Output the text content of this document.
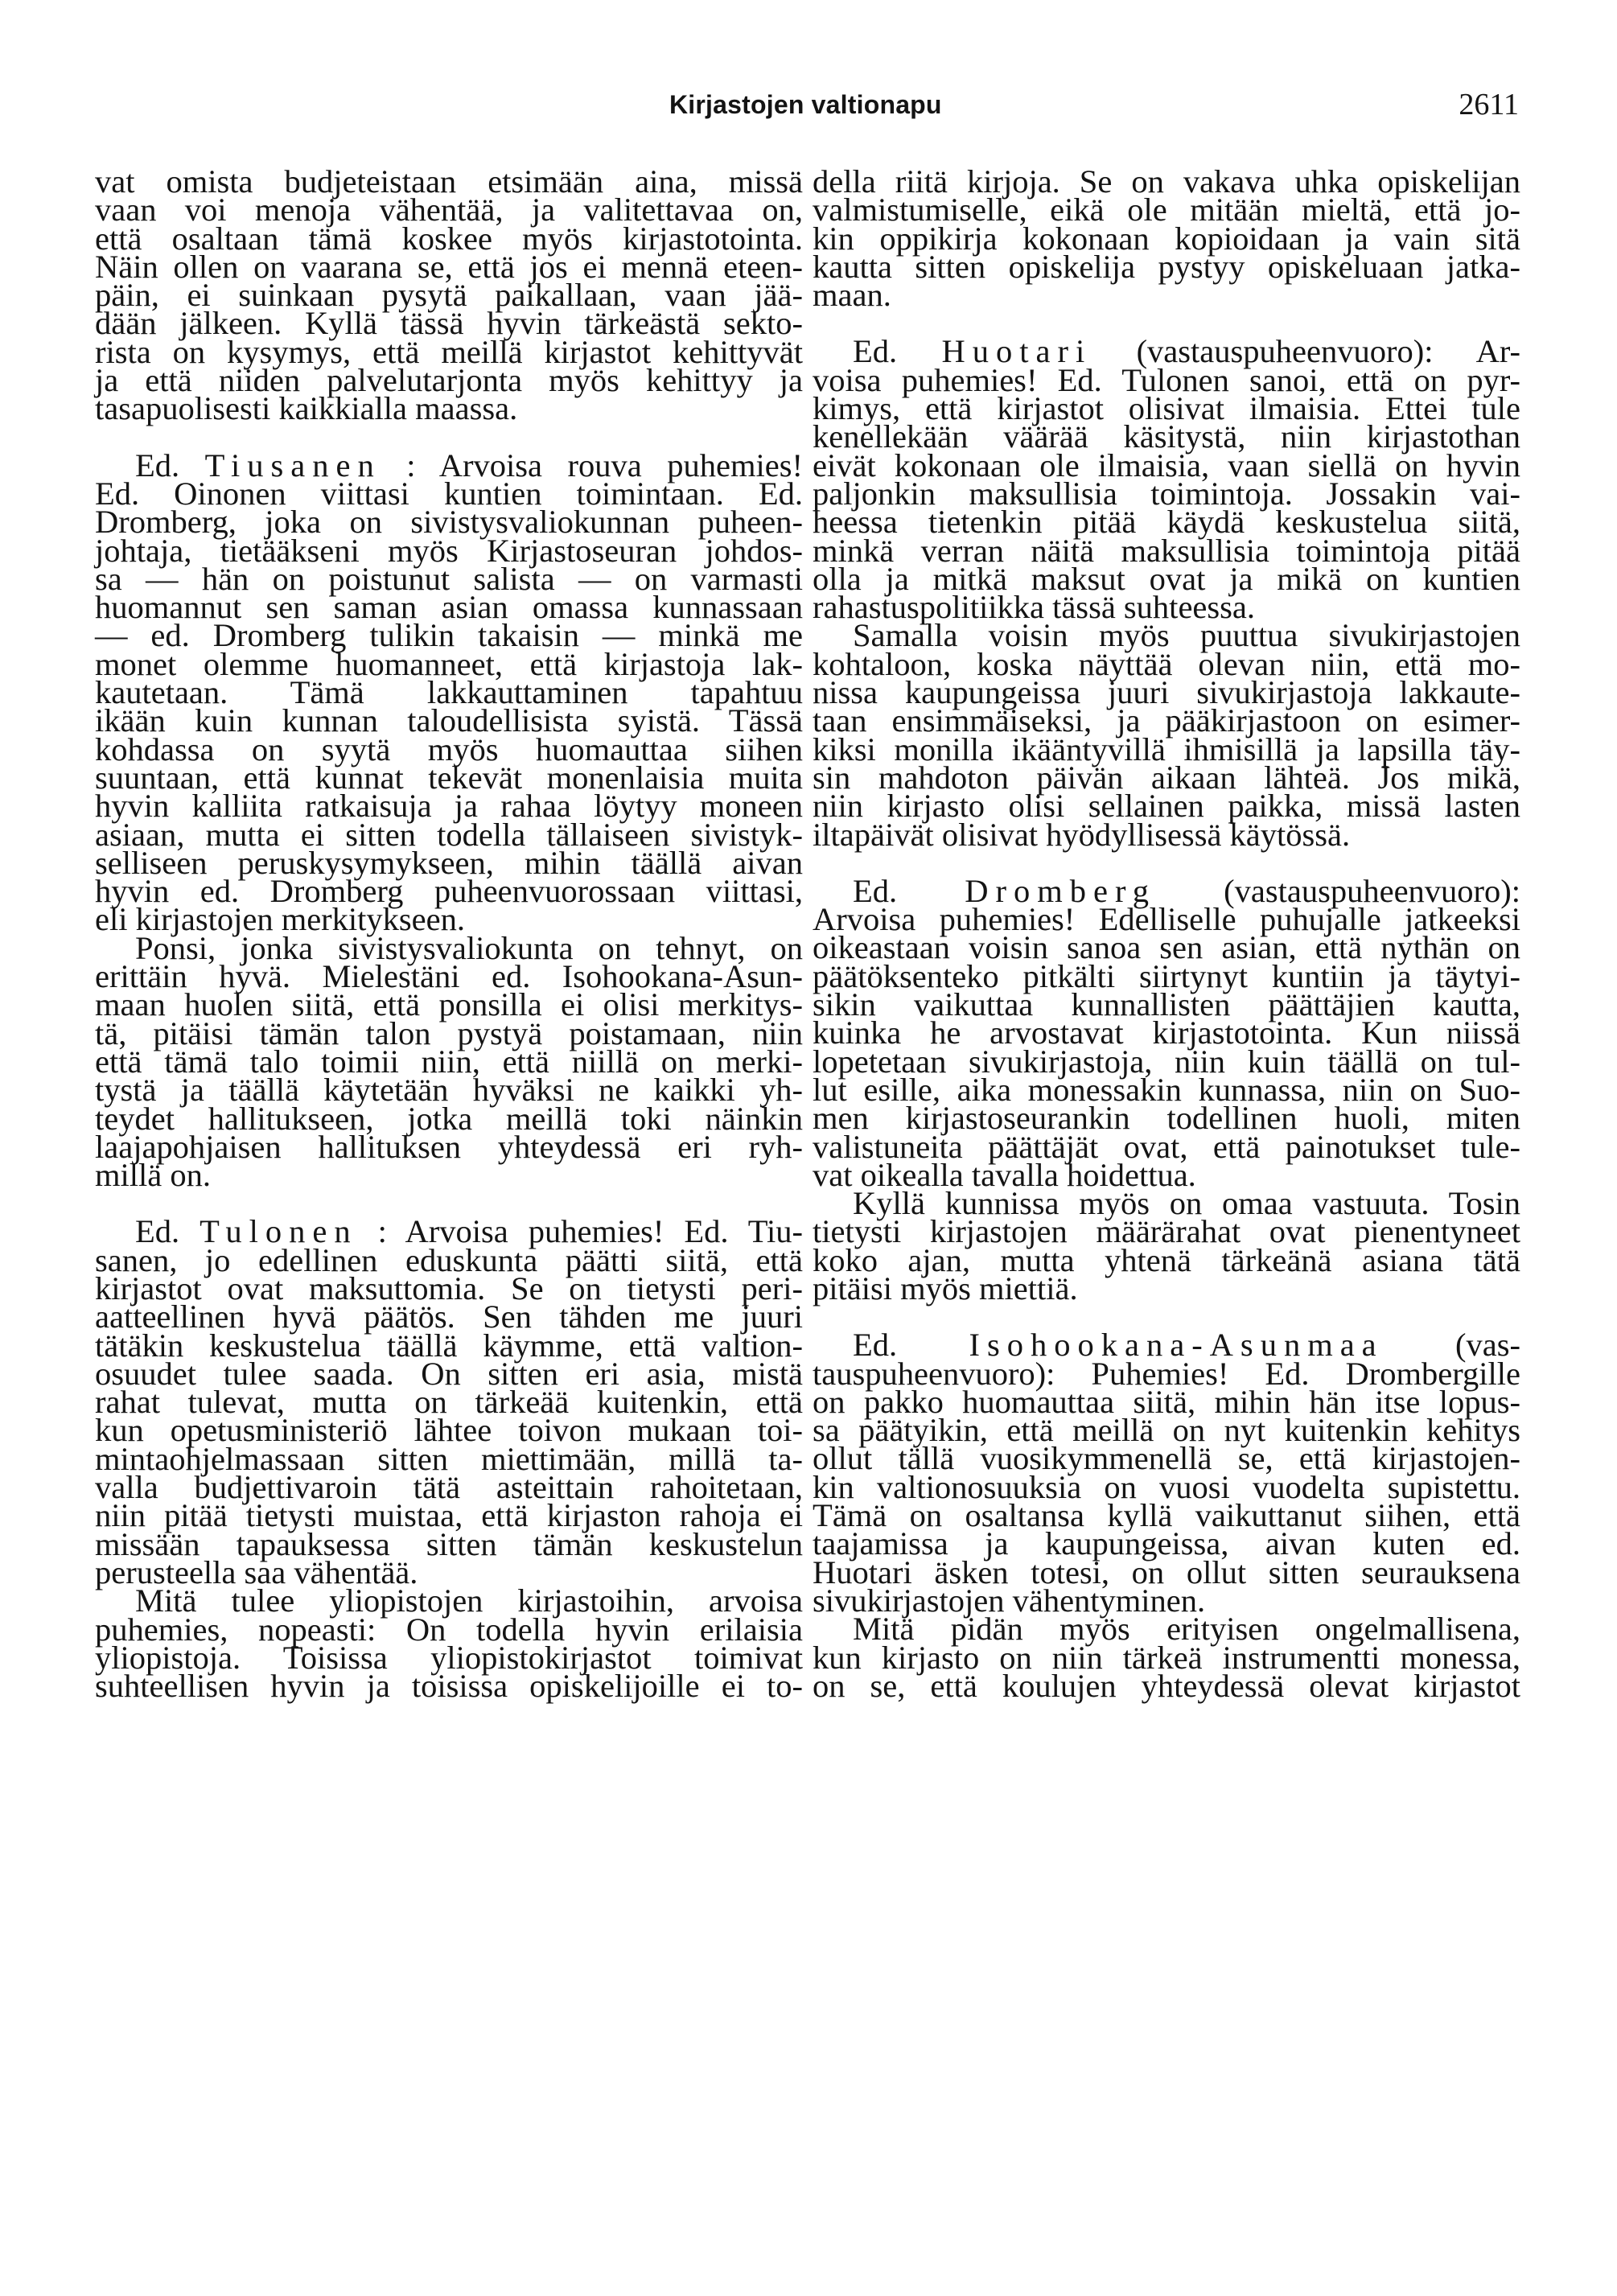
Kirjastojen valtionapu	2611

vat omista budjeteistaan etsimään aina, missä
vaan voi menoja vähentää, ja valitettavaa on,
että osaltaan tämä koskee myös kirjastotointa.
Näin ollen on vaarana se, että jos ei mennä eteen-
päin, ei suinkaan pysytä paikallaan, vaan jää-
dään jälkeen. Kyllä tässä hyvin tärkeästä sekto-
rista on kysymys, että meillä kirjastot kehittyvät
ja että niiden palvelutarjonta myös kehittyy ja
tasapuolisesti kaikkialla maassa.

Ed. Tiusanen : Arvoisa rouva puhemies!
Ed. Oinonen viittasi kuntien toimintaan. Ed.
Dromberg, joka on sivistysvaliokunnan puheen-
johtaja, tietääkseni myös Kirjastoseuran johdos-
sa — hän on poistunut salista — on varmasti
huomannut sen saman asian omassa kunnassaan
— ed. Dromberg tulikin takaisin — minkä me
monet olemme huomanneet, että kirjastoja lak-
kautetaan. Tämä lakkauttaminen tapahtuu
ikään kuin kunnan taloudellisista syistä. Tässä
kohdassa on syytä myös huomauttaa siihen
suuntaan, että kunnat tekevät monenlaisia muita
hyvin kalliita ratkaisuja ja rahaa löytyy moneen
asiaan, mutta ei sitten todella tällaiseen sivistyk-
selliseen peruskysymykseen, mihin täällä aivan
hyvin ed. Dromberg puheenvuorossaan viittasi,
eli kirjastojen merkitykseen.

Ponsi, jonka sivistysvaliokunta on tehnyt, on
erittäin hyvä. Mielestäni ed. Isohookana-Asun-
maan huolen siitä, että ponsilla ei olisi merkitys-
tä, pitäisi tämän talon pystyä poistamaan, niin
että tämä talo toimii niin, että niillä on merki-
tystä ja täällä käytetään hyväksi ne kaikki yh-
teydet hallitukseen, jotka meillä toki näinkin
laajapohjaisen hallituksen yhteydessä eri ryh-
millä on.

Ed. Tulonen : Arvoisa puhemies! Ed. Tiu-
sanen, jo edellinen eduskunta päätti siitä, että
kirjastot ovat maksuttomia. Se on tietysti peri-
aatteellinen hyvä päätös. Sen tähden me juuri
tätäkin keskustelua täällä käymme, että valtion-
osuudet tulee saada. On sitten eri asia, mistä
rahat tulevat, mutta on tärkeää kuitenkin, että
kun opetusministeriö lähtee toivon mukaan toi-
mintaohjelmassaan sitten miettimään, millä ta-
valla budjettivaroin tätä asteittain rahoitetaan,
niin pitää tietysti muistaa, että kirjaston rahoja ei
missään tapauksessa sitten tämän keskustelun
perusteella saa vähentää.

Mitä tulee yliopistojen kirjastoihin, arvoisa
puhemies, nopeasti: On todella hyvin erilaisia
yliopistoja. Toisissa yliopistokirjastot toimivat
suhteellisen hyvin ja toisissa opiskelijoille ei to-

della riitä kirjoja. Se on vakava uhka opiskelijan
valmistumiselle, eikä ole mitään mieltä, että jo-
kin oppikirja kokonaan kopioidaan ja vain sitä
kautta sitten opiskelija pystyy opiskeluaan jatka-
maan.

Ed. Huotari (vastauspuheenvuoro): Ar-
voisa puhemies! Ed. Tulonen sanoi, että on pyr-
kimys, että kirjastot olisivat ilmaisia. Ettei tule
kenellekään väärää käsitystä, niin kirjastothan
eivät kokonaan ole ilmaisia, vaan siellä on hyvin
paljonkin maksullisia toimintoja. Jossakin vai-
heessa tietenkin pitää käydä keskustelua siitä,
minkä verran näitä maksullisia toimintoja pitää
olla ja mitkä maksut ovat ja mikä on kuntien
rahastuspolitiikka tässä suhteessa.

Samalla voisin myös puuttua sivukirjastojen
kohtaloon, koska näyttää olevan niin, että mo-
nissa kaupungeissa juuri sivukirjastoja lakkaute-
taan ensimmäiseksi, ja pääkirjastoon on esimer-
kiksi monilla ikääntyvillä ihmisillä ja lapsilla täy-
sin mahdoton päivän aikaan lähteä. Jos mikä,
niin kirjasto olisi sellainen paikka, missä lasten
iltapäivät olisivat hyödyllisessä käytössä.

Ed. Dromberg (vastauspuheenvuoro):
Arvoisa puhemies! Edelliselle puhujalle jatkeeksi
oikeastaan voisin sanoa sen asian, että nythän on
päätöksenteko pitkälti siirtynyt kuntiin ja täytyi-
sikin vaikuttaa kunnallisten päättäjien kautta,
kuinka he arvostavat kirjastotointa. Kun niissä
lopetetaan sivukirjastoja, niin kuin täällä on tul-
lut esille, aika monessakin kunnassa, niin on Suo-
men kirjastoseurankin todellinen huoli, miten
valistuneita päättäjät ovat, että painotukset tule-
vat oikealla tavalla hoidettua.

Kyllä kunnissa myös on omaa vastuuta. Tosin
tietysti kirjastojen määrärahat ovat pienentyneet
koko ajan, mutta yhtenä tärkeänä asiana tätä
pitäisi myös miettiä.

Ed. Isohookana-Asunmaa (vas-
tauspuheenvuoro): Puhemies! Ed. Drombergille
on pakko huomauttaa siitä, mihin hän itse lopus-
sa päätyikin, että meillä on nyt kuitenkin kehitys
ollut tällä vuosikymmenellä se, että kirjastojen-
kin valtionosuuksia on vuosi vuodelta supistettu.
Tämä on osaltansa kyllä vaikuttanut siihen, että
taajamissa ja kaupungeissa, aivan kuten ed.
Huotari äsken totesi, on ollut sitten seurauksena
sivukirjastojen vähentyminen.

Mitä pidän myös erityisen ongelmallisena,
kun kirjasto on niin tärkeä instrumentti monessa,
on se, että koulujen yhteydessä olevat kirjastot
